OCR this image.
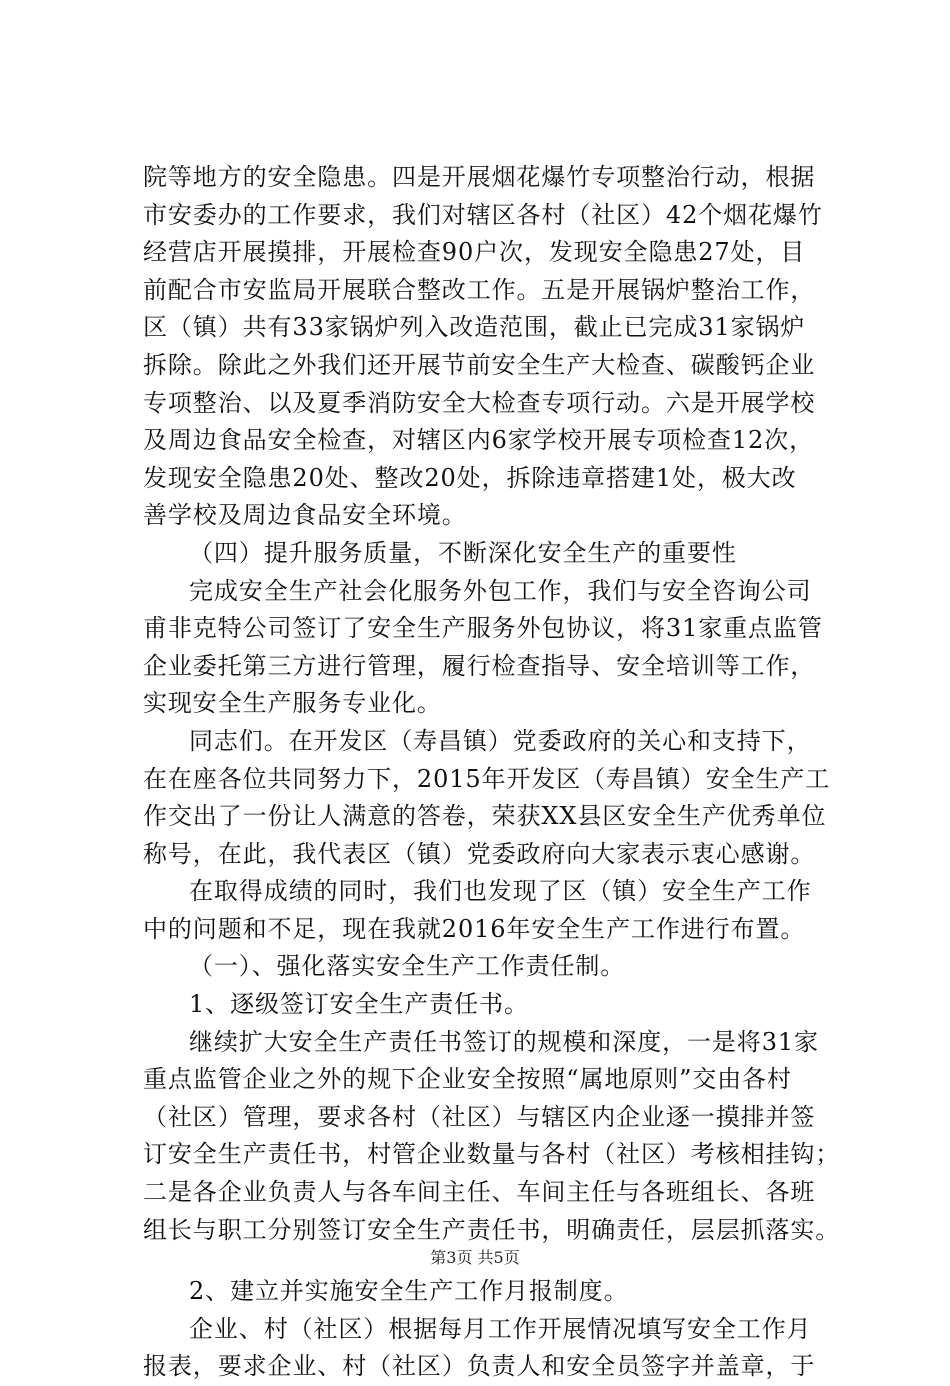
院等地方的安全隐患。四是开展烟花爆竹专项整治行动，根据
市安委办的工作要求，我们对辖区各村（社区）42个烟花爆竹
经营店开展摸排，开展检查90户次，发现安全隐患27处，目
前配合市安监局开展联合整改工作。五是开展锅炉整治工作，
区（镇）共有33家锅炉列入改造范围，截止已完成31家锅炉
拆除。除此之外我们还开展节前安全生产大检查、碳酸钙企业
专项整治、以及夏季消防安全大检查专项行动。六是开展学校
及周边食品安全检查，对辖区内6家学校开展专项检查12次，
发现安全隐患20处、整改20处，拆除违章搭建1处，极大改
善学校及周边食品安全环境。
（四）提升服务质量，不断深化安全生产的重要性
完成安全生产社会化服务外包工作，我们与安全咨询公司
甫非克特公司签订了安全生产服务外包协议，将31家重点监管
企业委托第三方进行管理，履行检查指导、安全培训等工作，
实现安全生产服务专业化。
同志们。在开发区（寿昌镇）党委政府的关心和支持下，
在在座各位共同努力下，2015年开发区（寿昌镇）安全生产工
作交出了一份让人满意的答卷，荣获XX县区安全生产优秀单位
称号，在此，我代表区（镇）党委政府向大家表示衷心感谢。
在取得成绩的同时，我们也发现了区（镇）安全生产工作
中的问题和不足，现在我就2016年安全生产工作进行布置。
（一）、强化落实安全生产工作责任制。
1、逐级签订安全生产责任书。
继续扩大安全生产责任书签订的规模和深度，一是将31家
重点监管企业之外的规下企业安全按照“属地原则”交由各村
（社区）管理，要求各村（社区）与辖区内企业逐一摸排并签
订安全生产责任书，村管企业数量与各村（社区）考核相挂钩；
二是各企业负责人与各车间主任、车间主任与各班组长、各班
组长与职工分别签订安全生产责任书，明确责任，层层抓落实。
2、建立并实施安全生产工作月报制度。
企业、村（社区）根据每月工作开展情况填写安全工作月
报表，要求企业、村（社区）负责人和安全员签字并盖章，于
第3页 共5页
